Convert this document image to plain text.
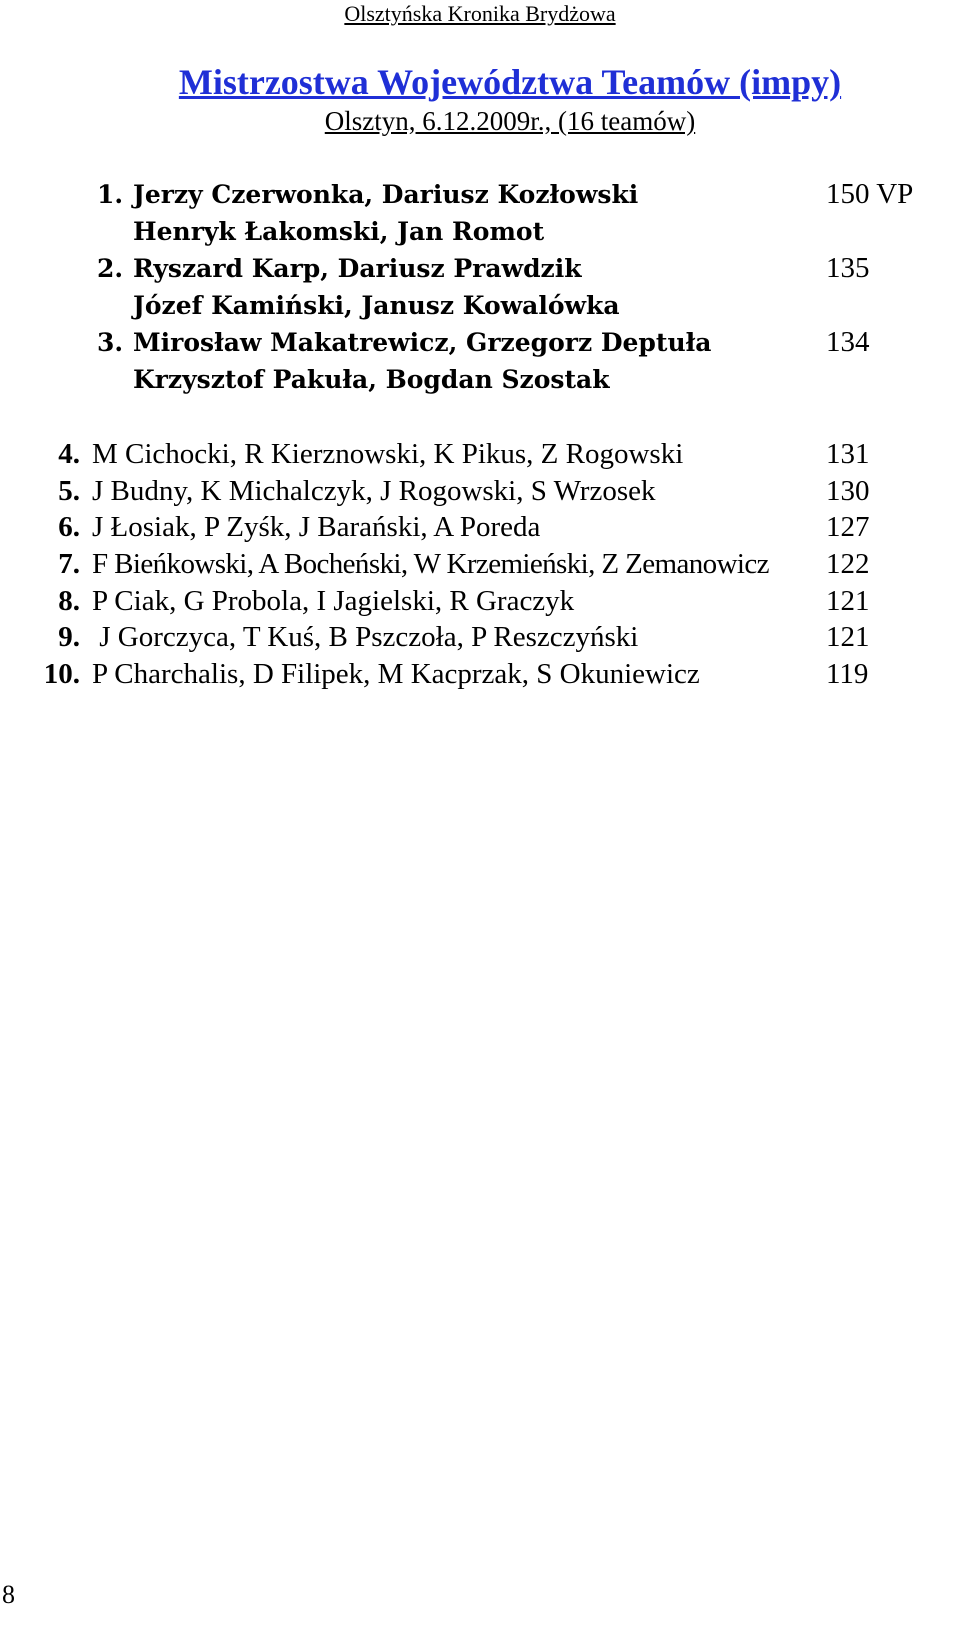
Olsztyńska Kronika Brydżowa
Mistrzostwa Województwa Teamów (impy)
Olsztyn, 6.12.2009r., (16 teamów)
1. Jerzy Czerwonka, Dariusz Kozłowski	150 VP
Henryk Łakomski, Jan Romot
2. Ryszard Karp, Dariusz Prawdzik	135
Józef Kamiński, Janusz Kowalówka
3. Mirosław Makatrewicz, Grzegorz Deptuła	134
Krzysztof Pakuła, Bogdan Szostak
4. M Cichocki, R Kierznowski, K Pikus, Z Rogowski	131
5. J Budny, K Michalczyk, J Rogowski, S Wrzosek	130
6. J Łosiak, P Zyśk, J Barański, A Poreda	127
7. F Bieńkowski, A Bocheński, W Krzemieński, Z Zemanowicz 122
8. P Ciak, G Probola, I Jagielski, R Graczyk	121
9. J Gorczyca, T Kuś, B Pszczoła, P Reszczyński	121
10. P Charchalis, D Filipek, M Kacprzak, S Okuniewicz	119
8
